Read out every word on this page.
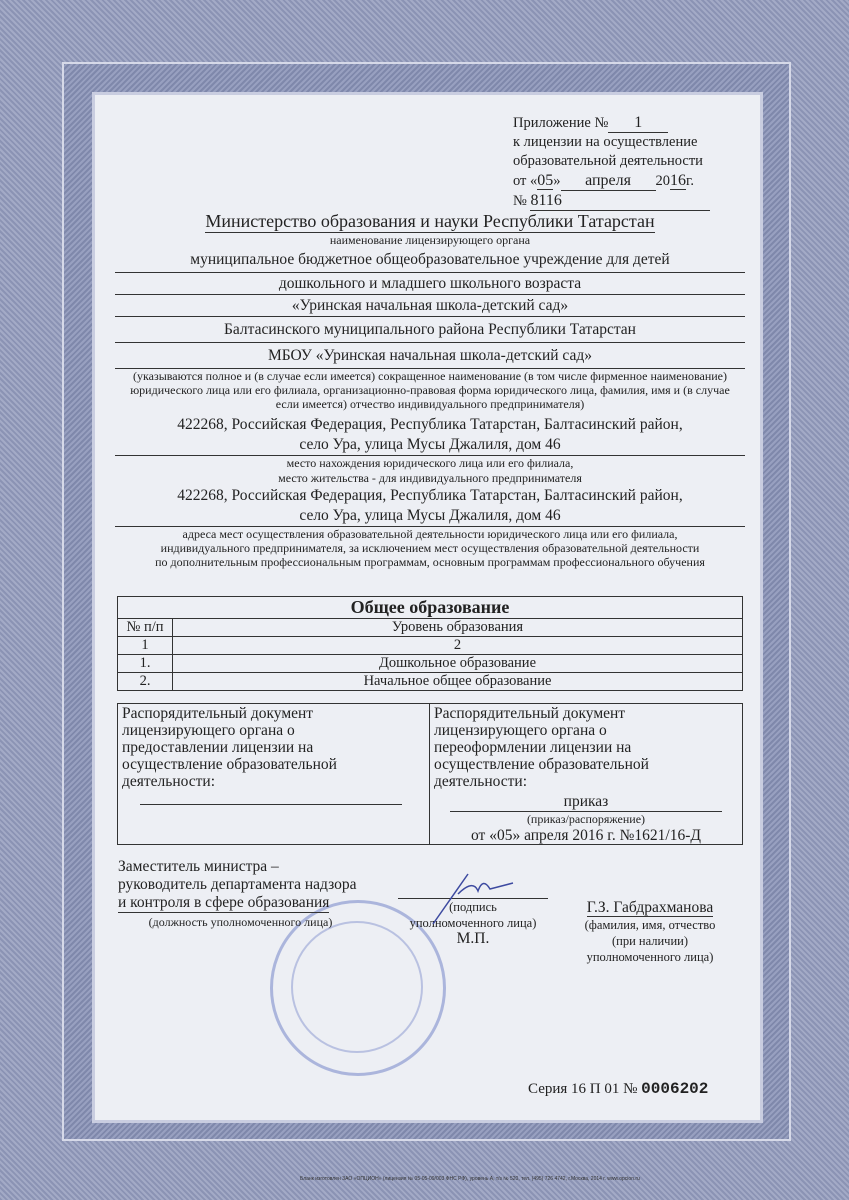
Приложение № 1
к лицензии на осуществление
образовательной деятельности
от «05» апреля 2016г.
№ 8116
Министерство образования и науки Республики Татарстан
наименование лицензирующего органа
муниципальное бюджетное общеобразовательное учреждение для детей
дошкольного и младшего школьного возраста
«Уринская начальная школа-детский сад»
Балтасинского муниципального района Республики Татарстан
МБОУ «Уринская начальная школа-детский сад»
(указываются полное и (в случае если имеется) сокращенное наименование (в том числе фирменное наименование) юридического лица или его филиала, организационно-правовая форма юридического лица, фамилия, имя и (в случае если имеется) отчество индивидуального предпринимателя)
422268, Российская Федерация, Республика Татарстан, Балтасинский район,
село Ура, улица Мусы Джалиля, дом 46
место нахождения юридического лица или его филиала,
место жительства - для индивидуального предпринимателя
422268, Российская Федерация, Республика Татарстан, Балтасинский район,
село Ура, улица Мусы Джалиля, дом 46
адреса мест осуществления образовательной деятельности юридического лица или его филиала, индивидуального предпринимателя, за исключением мест осуществления образовательной деятельности по дополнительным профессиональным программам, основным программам профессионального обучения
Общее образование	
№ п/п	Уровень образования
1	2
1.	Дошкольное образование
2.	Начальное общее образование
Распорядительный документ лицензирующего органа о предоставлении лицензии на осуществление образовательной деятельности:
Распорядительный документ лицензирующего органа о переоформлении лицензии на осуществление образовательной деятельности:
приказ
(приказ/распоряжение)
от «05» апреля 2016 г. №1621/16-Д
Заместитель министра –
руководитель департамента надзора
и контроля в сфере образования
(должность уполномоченного лица)
(подпись
уполномоченного лица)
М.П.
Г.З. Габдрахманова
(фамилия, имя, отчество
(при наличии)
уполномоченного лица)
Серия 16 П 01 № 0006202
Бланк изготовлен ЗАО «ОПЦИОН» (лицензия № 05-05-09/003 ФНС РФ), уровень А, т/з № 520, тел. (495) 726 4742, г.Москва, 2014 г. www.opcion.ru
